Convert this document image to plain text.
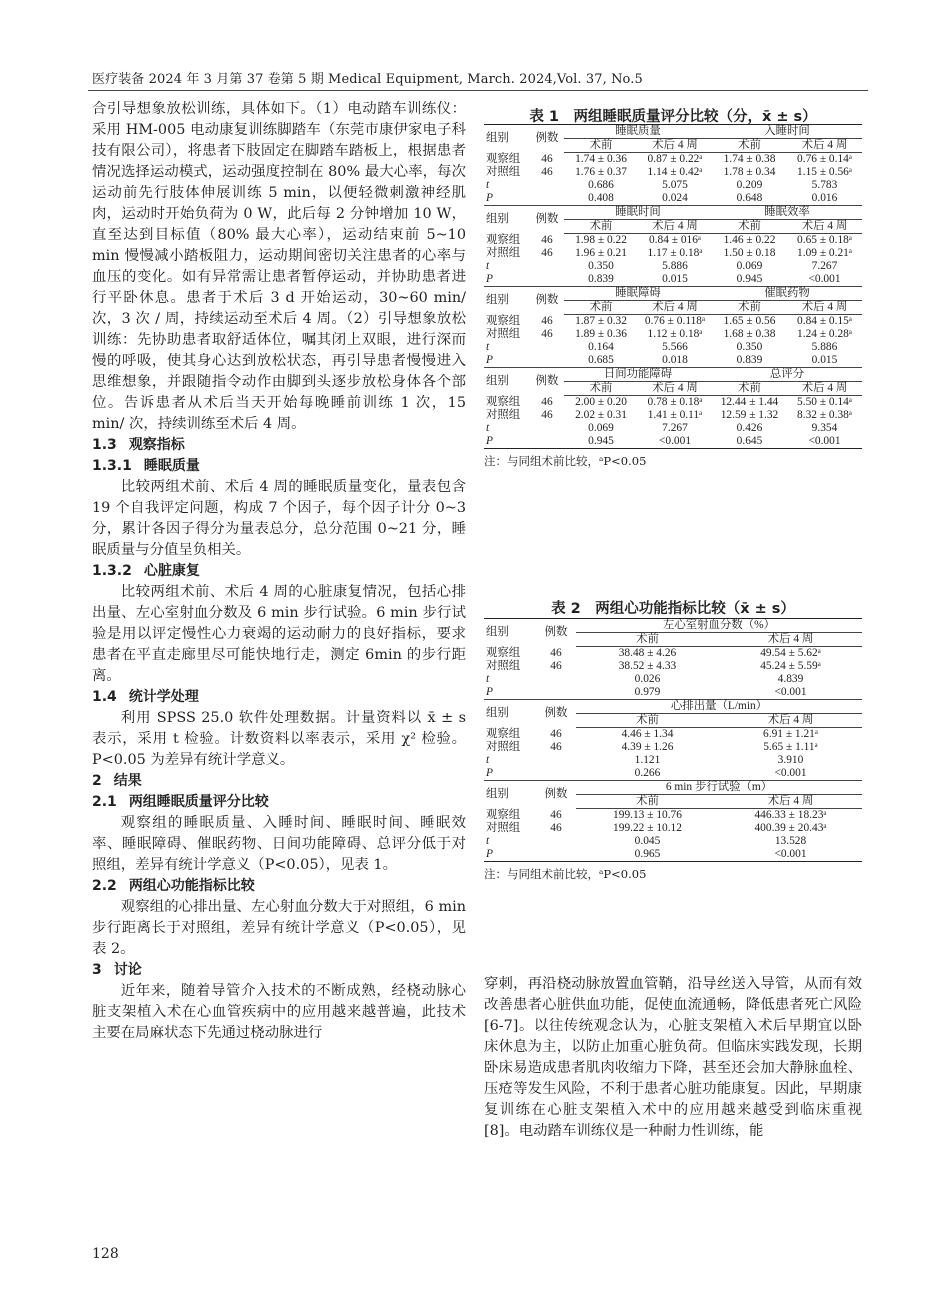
医疗装备 2024 年 3 月第 37 卷第 5 期 Medical Equipment, March. 2024,Vol. 37, No.5

合引导想象放松训练，具体如下。（1）电动踏车训练仪：采用 HM-005 电动康复训练脚踏车（东莞市康伊家电子科技有限公司），将患者下肢固定在脚踏车踏板上，根据患者情况选择运动模式，运动强度控制在 80% 最大心率，每次运动前先行肢体伸展训练 5 min，以便轻微刺激神经肌肉，运动时开始负荷为 0 W，此后每 2 分钟增加 10 W，直至达到目标值（80% 最大心率），运动结束前 5~10 min 慢慢减小踏板阻力，运动期间密切关注患者的心率与血压的变化。如有异常需让患者暂停运动，并协助患者进行平卧休息。患者于术后 3 d 开始运动，30~60 min/ 次，3 次 / 周，持续运动至术后 4 周。（2）引导想象放松训练：先协助患者取舒适体位，嘱其闭上双眼，进行深而慢的呼吸，使其身心达到放松状态，再引导患者慢慢进入思维想象，并跟随指令动作由脚到头逐步放松身体各个部位。告诉患者从术后当天开始每晚睡前训练 1 次，15 min/ 次，持续训练至术后 4 周。

1.3 观察指标
1.3.1 睡眠质量

比较两组术前、术后 4 周的睡眠质量变化，量表包含 19 个自我评定问题，构成 7 个因子，每个因子计分 0~3 分，累计各因子得分为量表总分，总分范围 0~21 分，睡眠质量与分值呈负相关。

1.3.2 心脏康复

比较两组术前、术后 4 周的心脏康复情况，包括心排出量、左心室射血分数及 6 min 步行试验。6 min 步行试验是用以评定慢性心力衰竭的运动耐力的良好指标，要求患者在平直走廊里尽可能快地行走，测定 6min 的步行距离。

1.4 统计学处理

利用 SPSS 25.0 软件处理数据。计量资料以 x̄ ± s 表示，采用 t 检验。计数资料以率表示，采用 χ² 检验。P<0.05 为差异有统计学意义。

2 结果
2.1 两组睡眠质量评分比较

观察组的睡眠质量、入睡时间、睡眠时间、睡眠效率、睡眠障碍、催眠药物、日间功能障碍、总评分低于对照组，差异有统计学意义（P<0.05），见表 1。

2.2 两组心功能指标比较

观察组的心排出量、左心射血分数大于对照组，6 min 步行距离长于对照组，差异有统计学意义（P<0.05），见表 2。

3 讨论

近年来，随着导管介入技术的不断成熟，经桡动脉心脏支架植入术在心血管疾病中的应用越来越普遍，此技术主要在局麻状态下先通过桡动脉进行

128
表 1　两组睡眠质量评分比较（分，x̄ ± s）
组别	例数	睡眠质量		入睡时间	
		术前	术后 4 周	术前	术后 4 周
观察组	46	1.74 ± 0.36	0.87 ± 0.22ᵃ	1.74 ± 0.38	0.76 ± 0.14ᵃ
对照组	46	1.76 ± 0.37	1.14 ± 0.42ᵃ	1.78 ± 0.34	1.15 ± 0.56ᵃ
t		0.686	5.075	0.209	5.783
P		0.408	0.024	0.648	0.016
组别	例数	睡眠时间		睡眠效率	
		术前	术后 4 周	术前	术后 4 周
观察组	46	1.98 ± 0.22	0.84 ± 016ᵃ	1.46 ± 0.22	0.65 ± 0.18ᵃ
对照组	46	1.96 ± 0.21	1.17 ± 0.18ᵃ	1.50 ± 0.18	1.09 ± 0.21ᵃ
t		0.350	5.886	0.069	7.267
P		0.839	0.015	0.945	<0.001
组别	例数	睡眠障碍		催眠药物	
		术前	术后 4 周	术前	术后 4 周
观察组	46	1.87 ± 0.32	0.76 ± 0.118ᵃ	1.65 ± 0.56	0.84 ± 0.15ᵃ
对照组	46	1.89 ± 0.36	1.12 ± 0.18ᵃ	1.68 ± 0.38	1.24 ± 0.28ᵃ
t		0.164	5.566	0.350	5.886
P		0.685	0.018	0.839	0.015
组别	例数	日间功能障碍		总评分	
		术前	术后 4 周	术前	术后 4 周
观察组	46	2.00 ± 0.20	0.78 ± 0.18ᵃ	12.44 ± 1.44	5.50 ± 0.14ᵃ
对照组	46	2.02 ± 0.31	1.41 ± 0.11ᵃ	12.59 ± 1.32	8.32 ± 0.38ᵃ
t		0.069	7.267	0.426	9.354
P		0.945	<0.001	0.645	<0.001
注：与同组术前比较，ᵃP<0.05
表 2　两组心功能指标比较（x̄ ± s）
组别	例数	左心室射血分数（%）	
		术前	术后 4 周
观察组	46	38.48 ± 4.26	49.54 ± 5.62ᵃ
对照组	46	38.52 ± 4.33	45.24 ± 5.59ᵃ
t		0.026	4.839
P		0.979	<0.001
组别	例数	心排出量（L/min）	
		术前	术后 4 周
观察组	46	4.46 ± 1.34	6.91 ± 1.21ᵃ
对照组	46	4.39 ± 1.26	5.65 ± 1.11ᵃ
t		1.121	3.910
P		0.266	<0.001
组别	例数	6 min 步行试验（m）	
		术前	术后 4 周
观察组	46	199.13 ± 10.76	446.33 ± 18.23ᵃ
对照组	46	199.22 ± 10.12	400.39 ± 20.43ᵃ
t		0.045	13.528
P		0.965	<0.001
注：与同组术前比较，ᵃP<0.05

穿刺，再沿桡动脉放置血管鞘，沿导丝送入导管，从而有效改善患者心脏供血功能，促使血流通畅，降低患者死亡风险 [6-7]。以往传统观念认为，心脏支架植入术后早期宜以卧床休息为主，以防止加重心脏负荷。但临床实践发现，长期卧床易造成患者肌肉收缩力下降，甚至还会加大静脉血栓、压疮等发生风险，不利于患者心脏功能康复。因此，早期康复训练在心脏支架植入术中的应用越来越受到临床重视 [8]。电动踏车训练仪是一种耐力性训练，能
